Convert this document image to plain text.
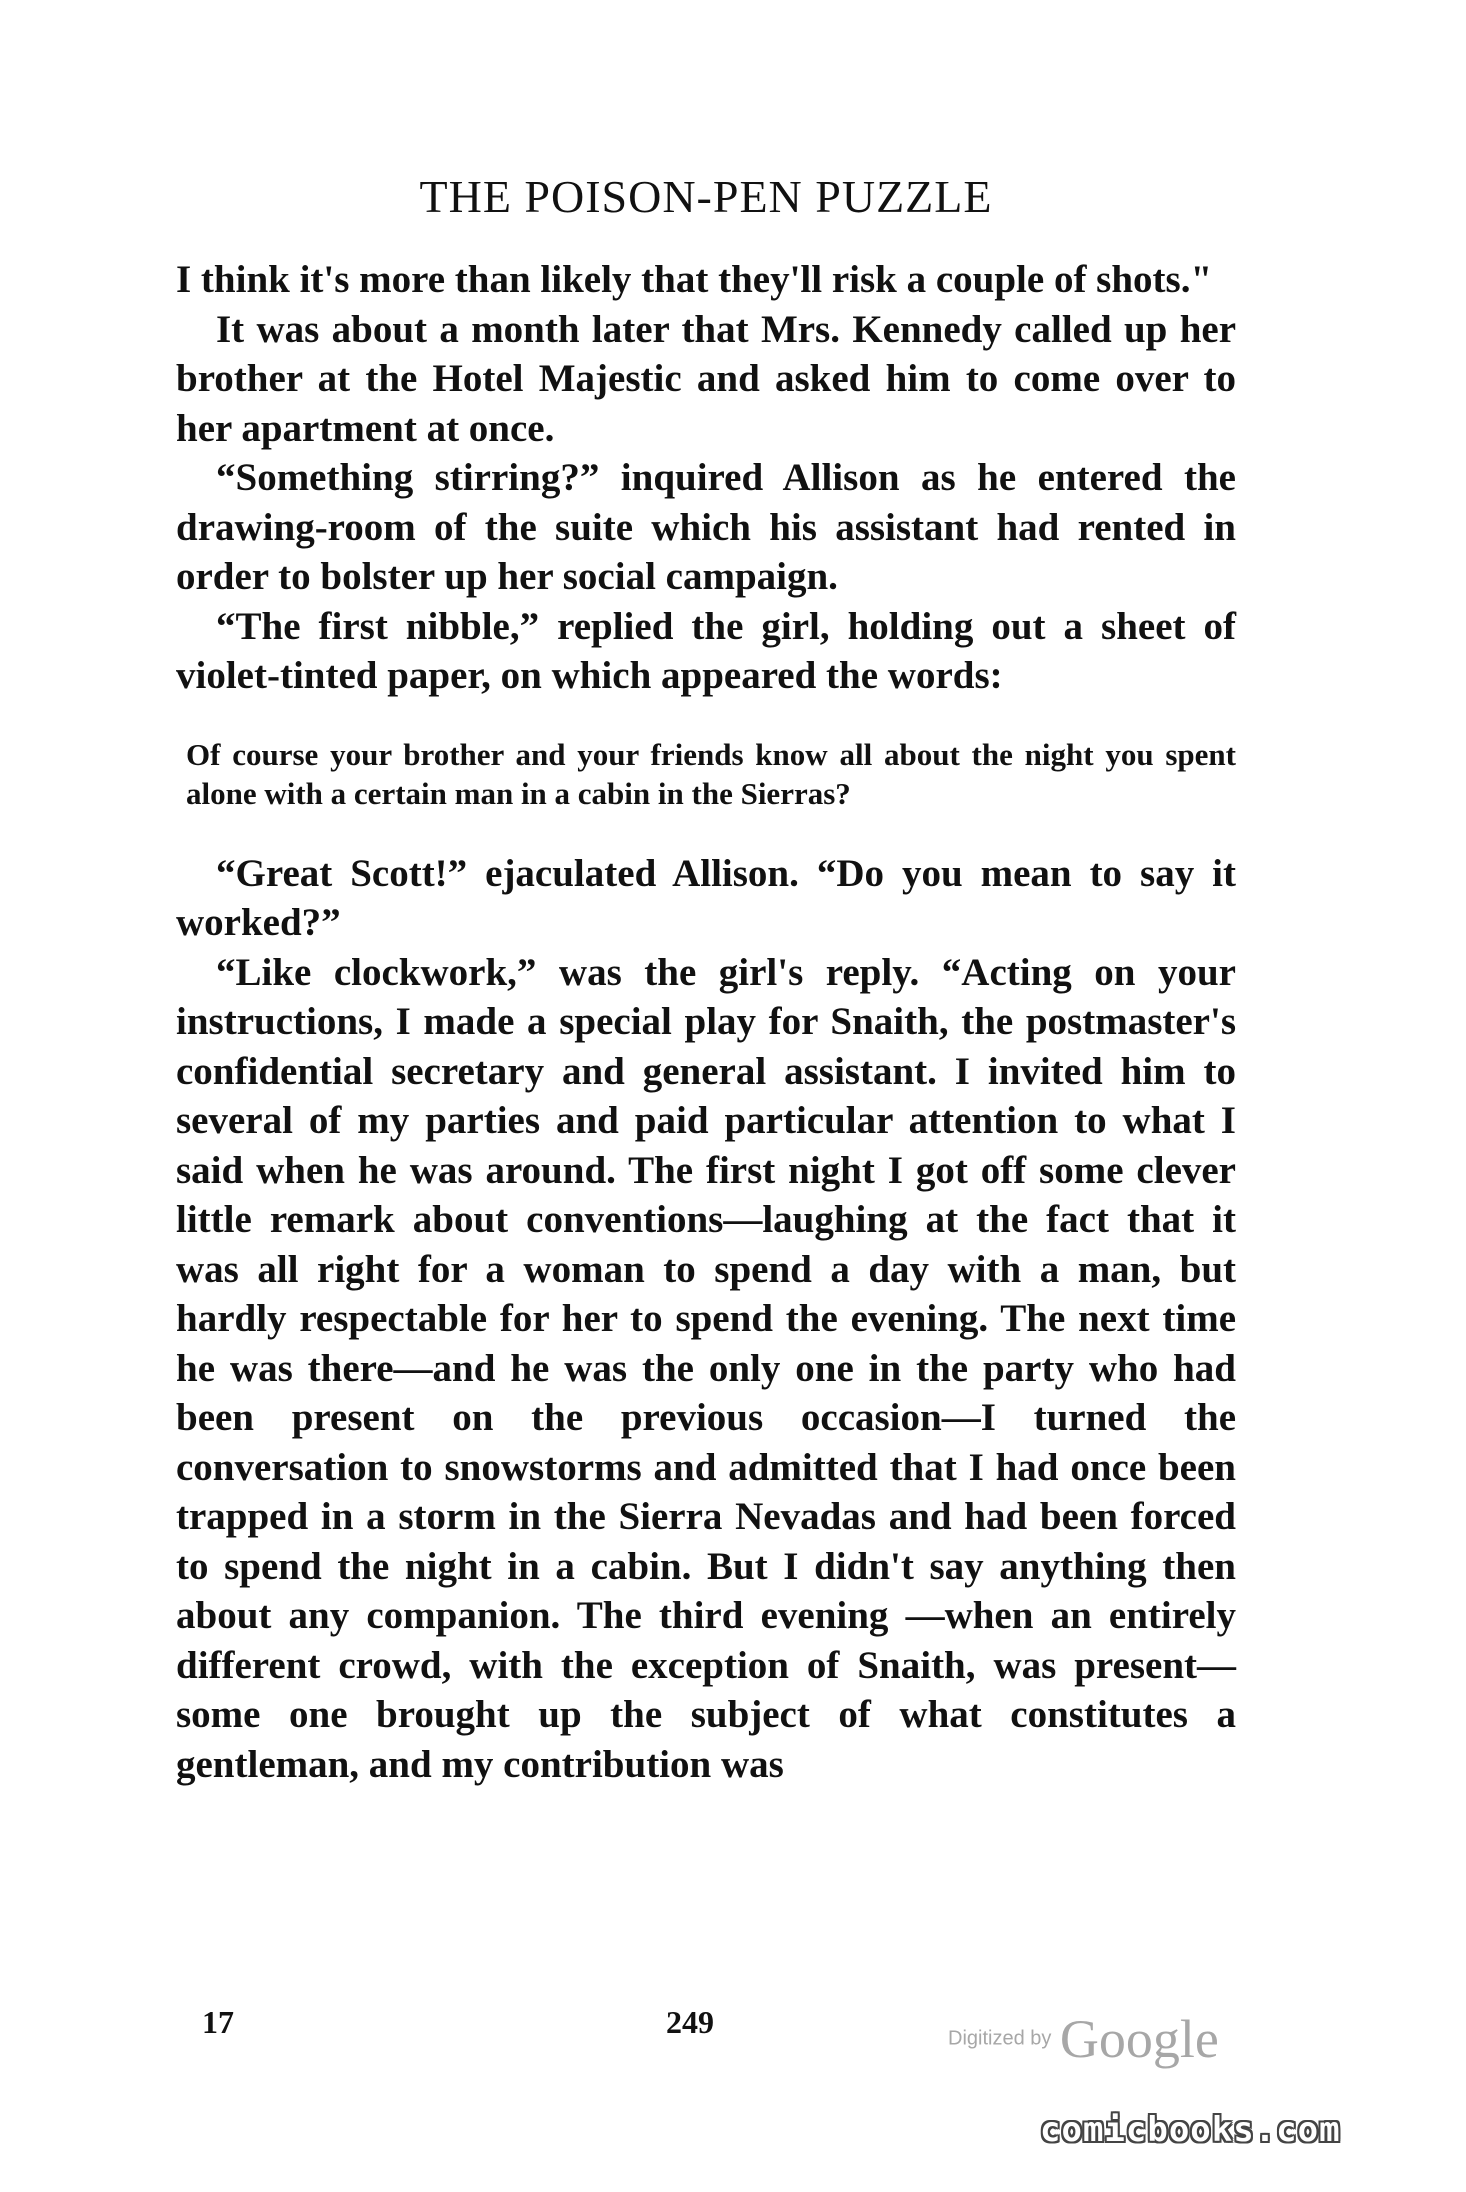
THE POISON-PEN PUZZLE

I think it's more than likely that they'll risk a couple of shots."

It was about a month later that Mrs. Kennedy called up her brother at the Hotel Majestic and asked him to come over to her apartment at once.

“Something stirring?” inquired Allison as he entered the drawing-room of the suite which his assistant had rented in order to bolster up her social campaign.

“The first nibble,” replied the girl, holding out a sheet of violet-tinted paper, on which appeared the words:

Of course your brother and your friends know all about the night you spent alone with a certain man in a cabin in the Sierras?

“Great Scott!” ejaculated Allison. “Do you mean to say it worked?”

“Like clockwork,” was the girl's reply. “Acting on your instructions, I made a special play for Snaith, the postmaster's confidential secretary and general assistant. I invited him to several of my parties and paid particular attention to what I said when he was around. The first night I got off some clever little remark about conventions—laughing at the fact that it was all right for a woman to spend a day with a man, but hardly respectable for her to spend the evening. The next time he was there—and he was the only one in the party who had been present on the previous occasion—I turned the conversation to snowstorms and admitted that I had once been trapped in a storm in the Sierra Nevadas and had been forced to spend the night in a cabin. But I didn't say anything then about any companion. The third evening —when an entirely different crowd, with the exception of Snaith, was present—some one brought up the subject of what constitutes a gentleman, and my contribution was

17	249	Digitized by Google
comicbooks.com
